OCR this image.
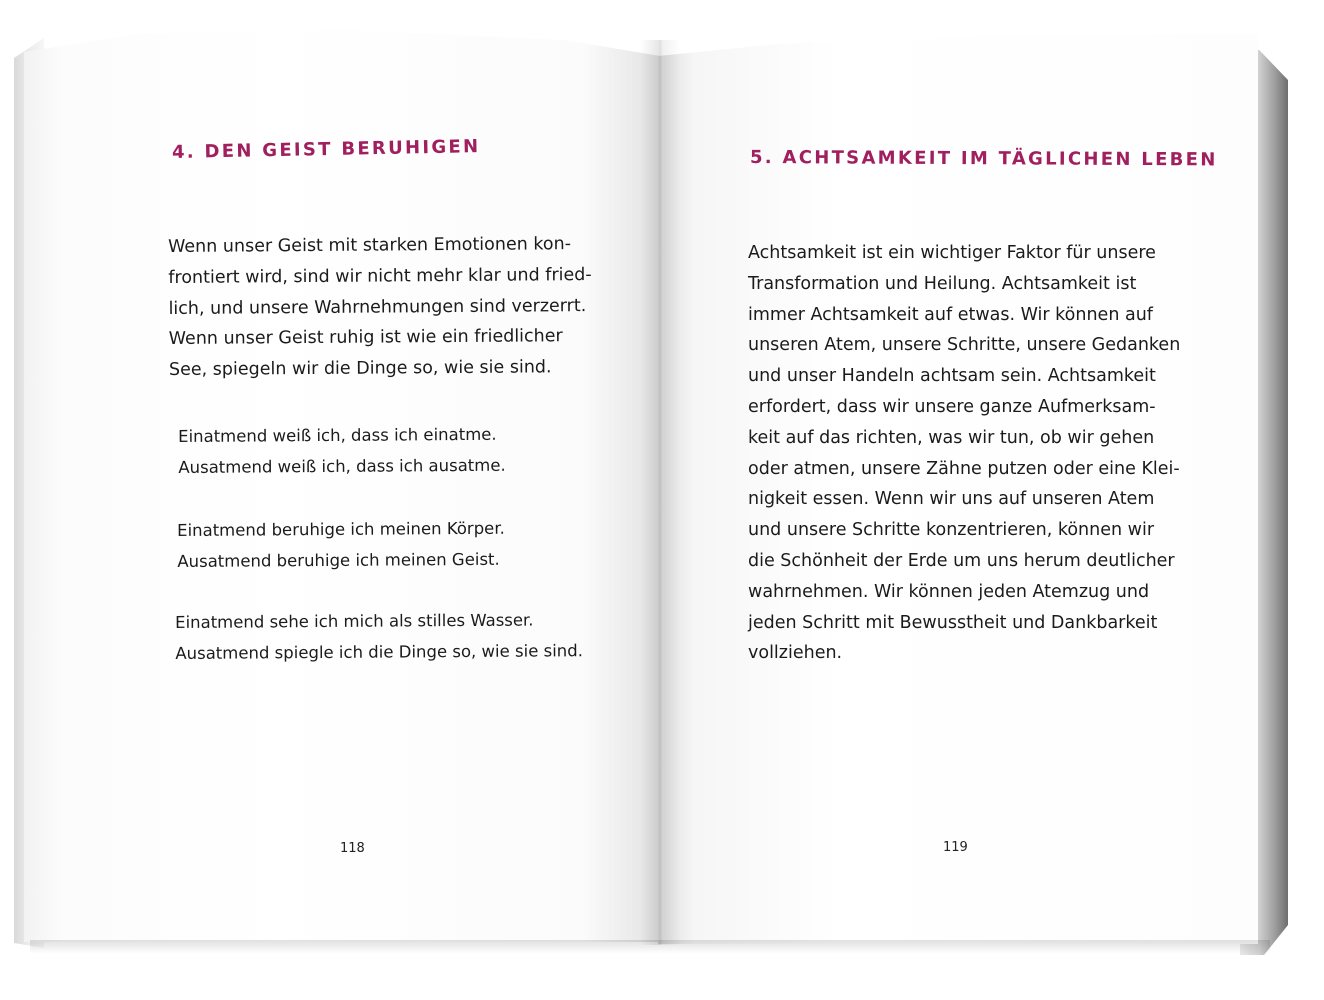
4. DEN GEIST BERUHIGEN
Wenn unser Geist mit starken Emotionen kon-
frontiert wird, sind wir nicht mehr klar und fried-
lich, und unsere Wahrnehmungen sind verzerrt.
Wenn unser Geist ruhig ist wie ein friedlicher
See, spiegeln wir die Dinge so, wie sie sind.
Einatmend weiß ich, dass ich einatme.
Ausatmend weiß ich, dass ich ausatme.
Einatmend beruhige ich meinen Körper.
Ausatmend beruhige ich meinen Geist.
Einatmend sehe ich mich als stilles Wasser.
Ausatmend spiegle ich die Dinge so, wie sie sind.
118
5. ACHTSAMKEIT IM TÄGLICHEN LEBEN
Achtsamkeit ist ein wichtiger Faktor für unsere
Transformation und Heilung. Achtsamkeit ist
immer Achtsamkeit auf etwas. Wir können auf
unseren Atem, unsere Schritte, unsere Gedanken
und unser Handeln achtsam sein. Achtsamkeit
erfordert, dass wir unsere ganze Aufmerksam-
keit auf das richten, was wir tun, ob wir gehen
oder atmen, unsere Zähne putzen oder eine Klei-
nigkeit essen. Wenn wir uns auf unseren Atem
und unsere Schritte konzentrieren, können wir
die Schönheit der Erde um uns herum deutlicher
wahrnehmen. Wir können jeden Atemzug und
jeden Schritt mit Bewusstheit und Dankbarkeit
vollziehen.
119
